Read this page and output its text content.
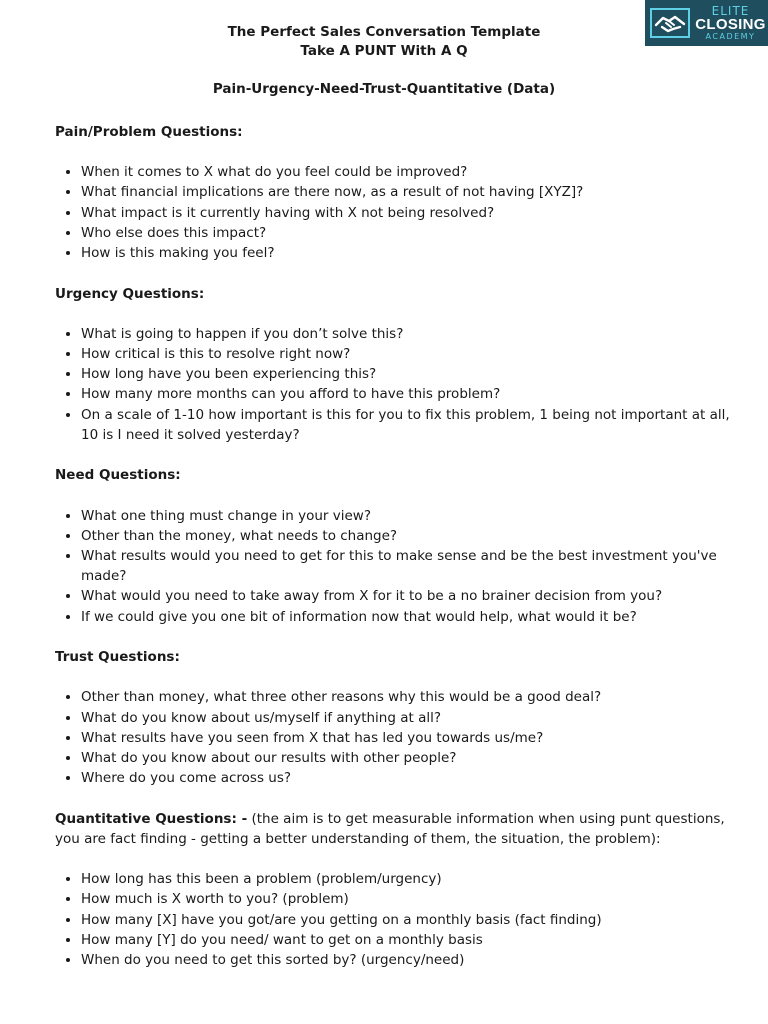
ELITE
CLOSING
ACADEMY
The Perfect Sales Conversation Template
Take A PUNT With A Q
Pain-Urgency-Need-Trust-Quantitative (Data)

Pain/Problem Questions:

• When it comes to X what do you feel could be improved?
• What financial implications are there now, as a result of not having [XYZ]?
• What impact is it currently having with X not being resolved?
• Who else does this impact?
• How is this making you feel?

Urgency Questions:

• What is going to happen if you don’t solve this?
• How critical is this to resolve right now?
• How long have you been experiencing this?
• How many more months can you afford to have this problem?
• On a scale of 1-10 how important is this for you to fix this problem, 1 being not important at all, 10 is I need it solved yesterday?

Need Questions:

• What one thing must change in your view?
• Other than the money, what needs to change?
• What results would you need to get for this to make sense and be the best investment you've made?
• What would you need to take away from X for it to be a no brainer decision from you?
• If we could give you one bit of information now that would help, what would it be?

Trust Questions:

• Other than money, what three other reasons why this would be a good deal?
• What do you know about us/myself if anything at all?
• What results have you seen from X that has led you towards us/me?
• What do you know about our results with other people?
• Where do you come across us?

Quantitative Questions: - (the aim is to get measurable information when using punt questions, you are fact finding - getting a better understanding of them, the situation, the problem):

• How long has this been a problem (problem/urgency)
• How much is X worth to you? (problem)
• How many [X] have you got/are you getting on a monthly basis (fact finding)
• How many [Y] do you need/ want to get on a monthly basis
• When do you need to get this sorted by? (urgency/need)
